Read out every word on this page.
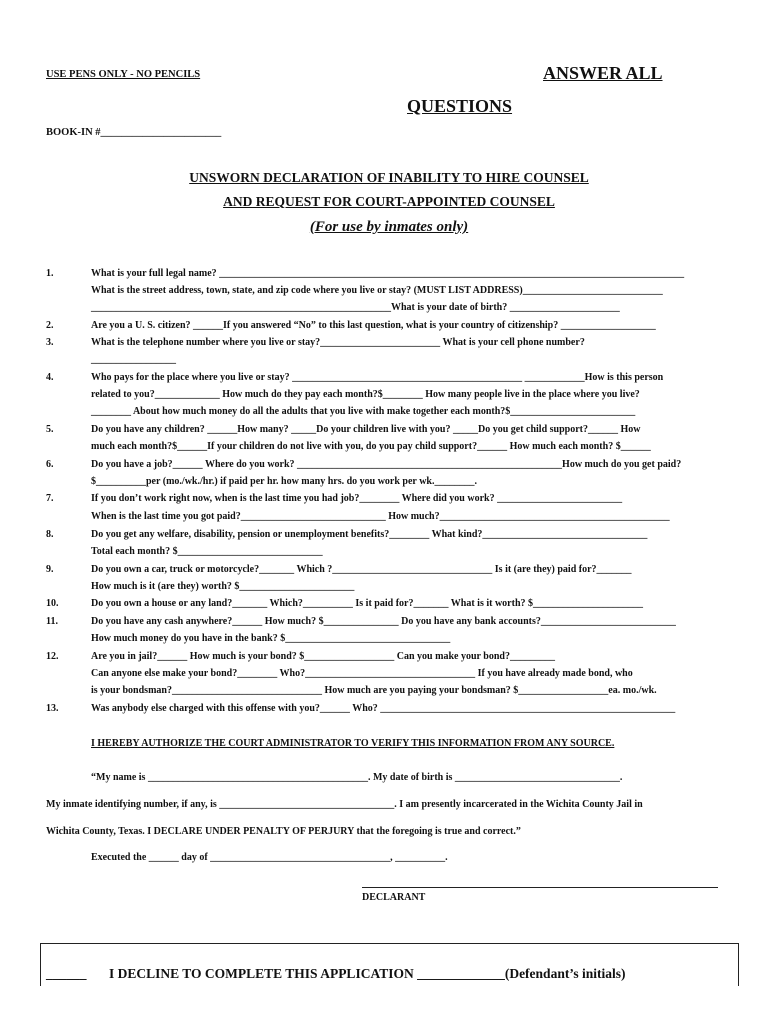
USE PENS ONLY - NO PENCILS	ANSWER ALL
QUESTIONS
BOOK-IN #_______________________
UNSWORN DECLARATION OF INABILITY TO HIRE COUNSEL
AND REQUEST FOR COURT-APPOINTED COUNSEL
(For use by inmates only)
1.	What is your full legal name? _____________________________________________________________________________________________
What is the street address, town, state, and zip code where you live or stay? (MUST LIST ADDRESS)____________________________
____________________________________________________________What is your date of birth? ______________________
2.	Are you a U. S. citizen? ______If you answered “No” to this last question, what is your country of citizenship? ___________________
3.	What is the telephone number where you live or stay?________________________ What is your cell phone number?
_________________
4.	Who pays for the place where you live or stay? ______________________________________________ ____________How is this person
related to you?_____________ How much do they pay each month?$________ How many people live in the place where you live?
________ About how much money do all the adults that you live with make together each month?$_________________________
5.	Do you have any children? ______How many? _____Do your children live with you? _____Do you get child support?______ How
much each month?$______If your children do not live with you, do you pay child support?______ How much each month? $______
6.	Do you have a job?______ Where do you work? _____________________________________________________How much do you get paid?
$__________per (mo./wk./hr.) if paid per hr. how many hrs. do you work per wk.________.
7.	If you don’t work right now, when is the last time you had job?________ Where did you work? _________________________
When is the last time you got paid?_____________________________ How much?______________________________________________
8.	Do you get any welfare, disability, pension or unemployment benefits?________ What kind?_________________________________
Total each month? $_____________________________
9.	Do you own a car, truck or motorcycle?_______ Which ?________________________________ Is it (are they) paid for?_______
How much is it (are they) worth? $_______________________
10.	Do you own a house or any land?_______ Which?__________ Is it paid for?_______ What is it worth? $______________________
11.	Do you have any cash anywhere?______ How much? $_______________ Do you have any bank accounts?___________________________
How much money do you have in the bank? $_________________________________
12.	Are you in jail?______ How much is your bond? $__________________ Can you make your bond?_________
Can anyone else make your bond?________ Who?__________________________________ If you have already made bond, who
is your bondsman?______________________________ How much are you paying your bondsman? $__________________ea. mo./wk.
13.	Was anybody else charged with this offense with you?______ Who? ___________________________________________________________
I HEREBY AUTHORIZE THE COURT ADMINISTRATOR TO VERIFY THIS INFORMATION FROM ANY SOURCE.
“My name is ____________________________________________. My date of birth is _________________________________.
My inmate identifying number, if any, is ___________________________________. I am presently incarcerated in the Wichita County Jail in
Wichita County, Texas. I DECLARE UNDER PENALTY OF PERJURY that the foregoing is true and correct.”
Executed the ______ day of ____________________________________, __________.
DECLARANT
______ I DECLINE TO COMPLETE THIS APPLICATION _____________(Defendant’s initials)
